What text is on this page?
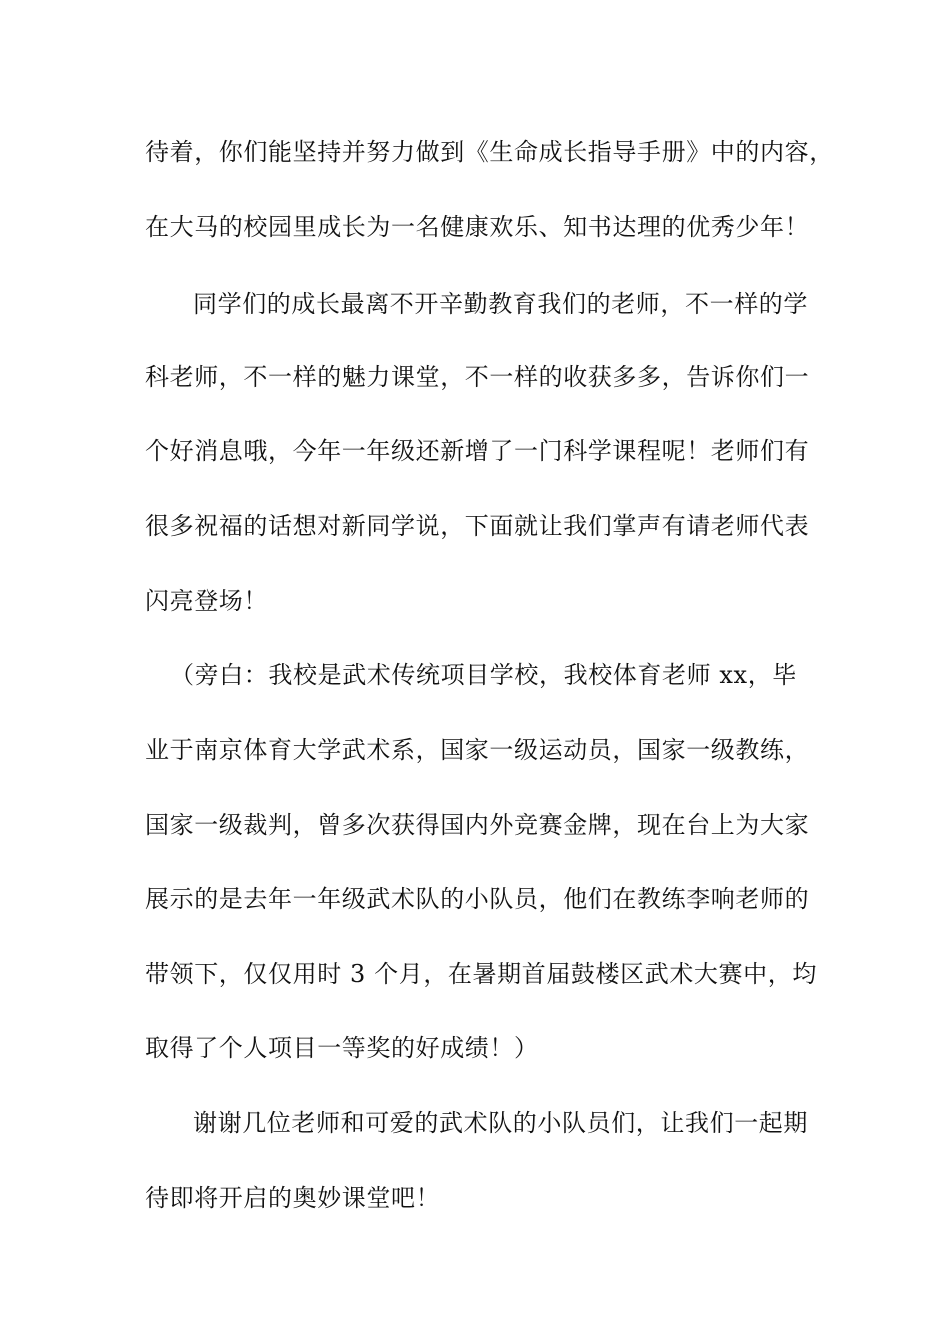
待着，你们能坚持并努力做到《生命成长指导手册》中的内容，
在大马的校园里成长为一名健康欢乐、知书达理的优秀少年！
同学们的成长最离不开辛勤教育我们的老师，不一样的学
科老师，不一样的魅力课堂，不一样的收获多多，告诉你们一
个好消息哦，今年一年级还新增了一门科学课程呢！老师们有
很多祝福的话想对新同学说，下面就让我们掌声有请老师代表
闪亮登场！
（旁白：我校是武术传统项目学校，我校体育老师 xx，毕
业于南京体育大学武术系，国家一级运动员，国家一级教练，
国家一级裁判，曾多次获得国内外竞赛金牌，现在台上为大家
展示的是去年一年级武术队的小队员，他们在教练李响老师的
带领下，仅仅用时 3 个月，在暑期首届鼓楼区武术大赛中，均
取得了个人项目一等奖的好成绩！）
谢谢几位老师和可爱的武术队的小队员们，让我们一起期
待即将开启的奥妙课堂吧！
